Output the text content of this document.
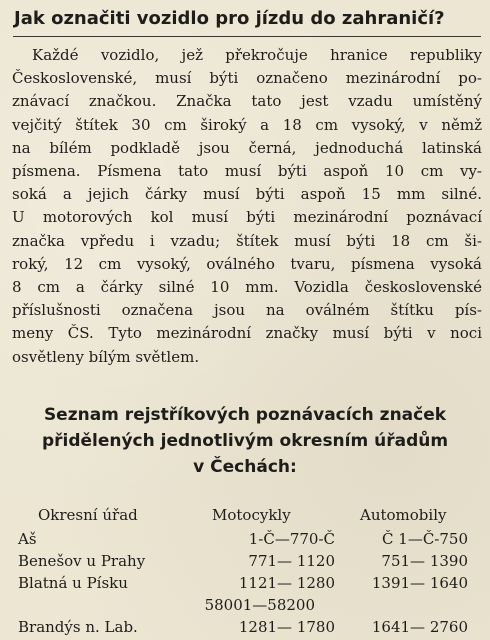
Jak označiti vozidlo pro jízdu do zahraničí?
Každé vozidlo, jež překročuje hranice republiky
Československé, musí býti označeno mezinárodní po-
znávací značkou. Značka tato jest vzadu umístěný
vejčitý štítek 30 cm široký a 18 cm vysoký, v němž
na bílém podkladě jsou černá, jednoduchá latinská
písmena. Písmena tato musí býti aspoň 10 cm vy-
soká a jejich čárky musí býti aspoň 15 mm silné.
U motorových kol musí býti mezinárodní poznávací
značka vpředu i vzadu; štítek musí býti 18 cm ši-
roký, 12 cm vysoký, oválného tvaru, písmena vysoká
8 cm a čárky silné 10 mm. Vozidla československé
příslušnosti označena jsou na oválném štítku pís-
meny ČS. Tyto mezinárodní značky musí býti v noci
osvětleny bílým světlem.
Seznam rejstříkových poznávacích značek
přidělených jednotlivým okresním úřadům
v Čechách:
Okresní úřad	Motocykly	Automobily
Aš	1-Č—770-Č	Č 1—Č-750
Benešov u Prahy	771— 1120	751— 1390
Blatná u Písku	1121— 1280	1391— 1640
58001—58200
Brandýs n. Lab.	1281— 1780	1641— 2760
